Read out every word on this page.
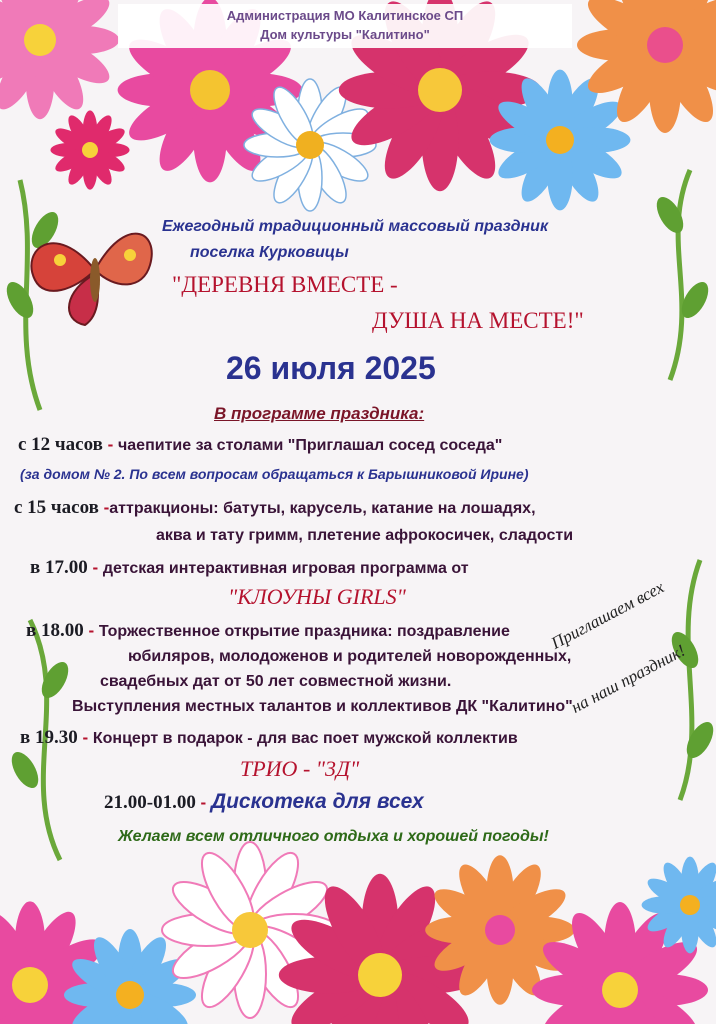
Администрация МО Калитинское СП
Дом культуры "Калитино"
Ежегодный традиционный массовый праздник
поселка Курковицы
"ДЕРЕВНЯ ВМЕСТЕ -
ДУША НА МЕСТЕ!"
26 июля 2025
В программе праздника:
с 12 часов - чаепитие за столами "Приглашал сосед соседа"
(за домом № 2. По всем вопросам обращаться к Барышниковой Ирине)
с 15 часов -аттракционы: батуты, карусель, катание на лошадях,
аква и тату гримм, плетение афрокосичек, сладости
в 17.00 - детская интерактивная игровая программа от
"КЛОУНЫ GIRLS"
в 18.00 - Торжественное открытие праздника: поздравление
юбиляров, молодоженов и родителей новорожденных,
свадебных дат от 50 лет совместной жизни.
Выступления местных талантов и коллективов ДК "Калитино"
в 19.30 - Концерт в подарок - для вас поет мужской коллектив
ТРИО - "3Д"
21.00-01.00 - Дискотека для всех
Желаем всем отличного отдыха и хорошей погоды!
Приглашаем всех
на наш праздник!
